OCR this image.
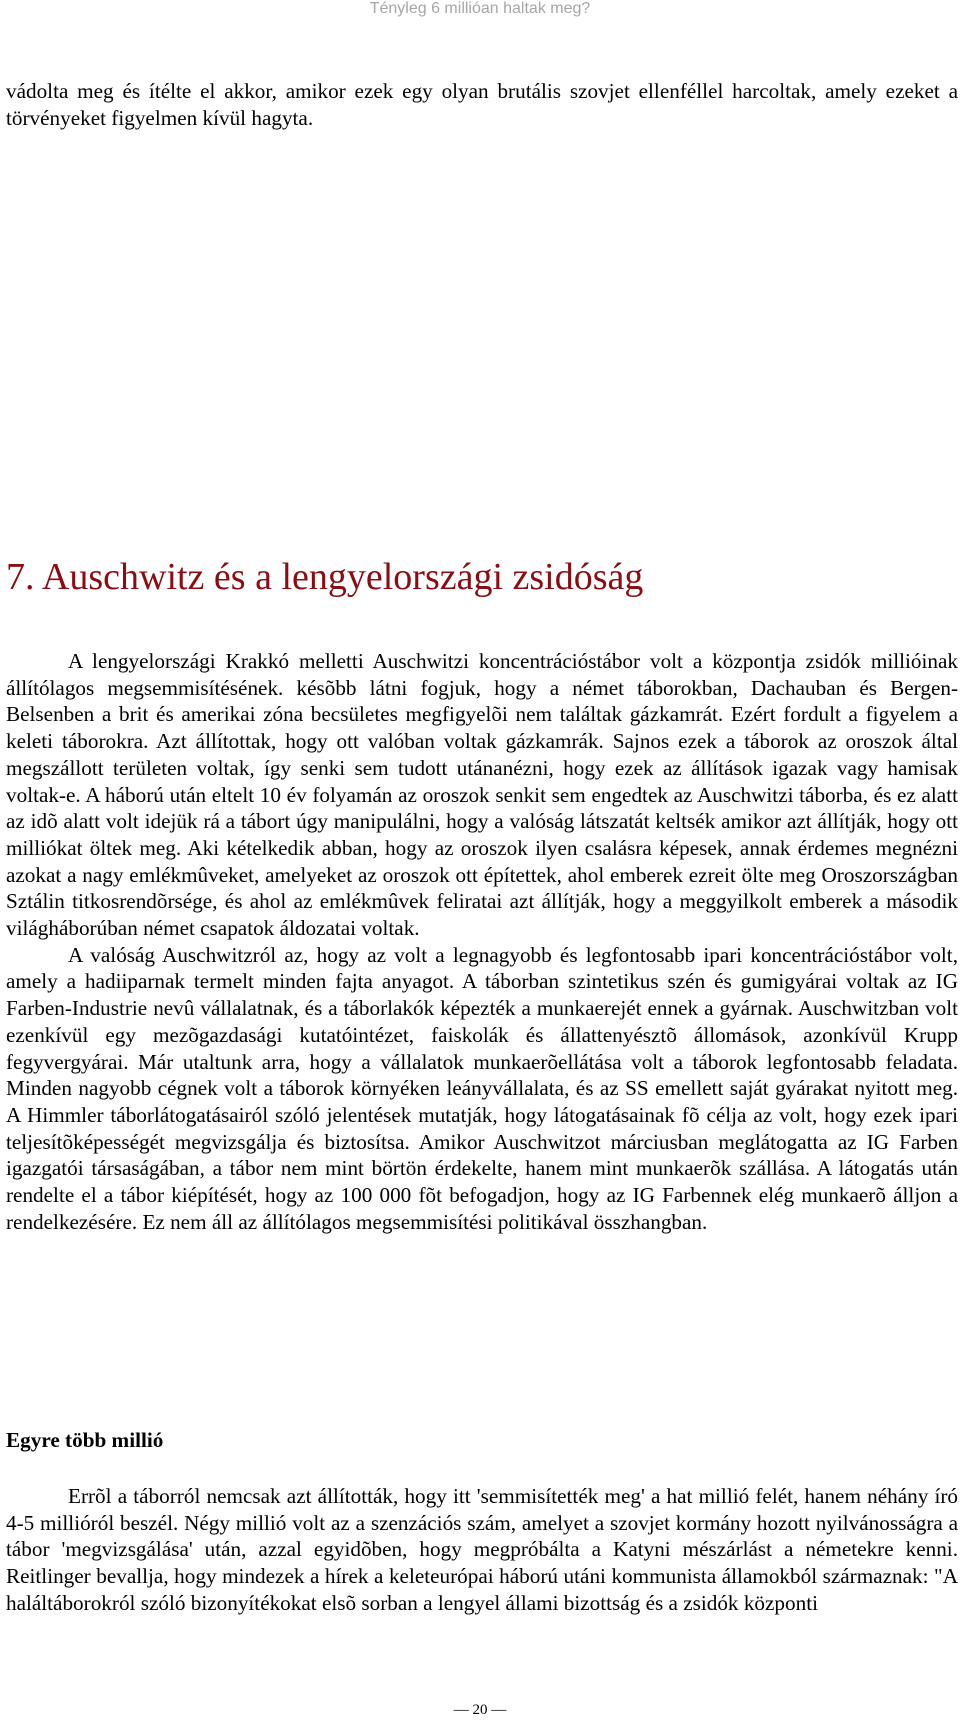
Tényleg 6 millióan haltak meg?

vádolta meg és ítélte el akkor, amikor ezek egy olyan brutális szovjet ellenféllel harcoltak, amely ezeket a törvényeket figyelmen kívül hagyta.

7. Auschwitz és a lengyelországi zsidóság

A lengyelországi Krakkó melletti Auschwitzi koncentrációstábor volt a központja zsidók millióinak állítólagos megsemmisítésének. késõbb látni fogjuk, hogy a német táborokban, Dachauban és Bergen-Belsenben a brit és amerikai zóna becsületes megfigyelõi nem találtak gázkamrát. Ezért fordult a figyelem a keleti táborokra. Azt állítottak, hogy ott valóban voltak gázkamrák. Sajnos ezek a táborok az oroszok által megszállott területen voltak, így senki sem tudott utánanézni, hogy ezek az állítások igazak vagy hamisak voltak-e. A háború után eltelt 10 év folyamán az oroszok senkit sem engedtek az Auschwitzi táborba, és ez alatt az idõ alatt volt idejük rá a tábort úgy manipulálni, hogy a valóság látszatát keltsék amikor azt állítják, hogy ott milliókat öltek meg. Aki kételkedik abban, hogy az oroszok ilyen csalásra képesek, annak érdemes megnézni azokat a nagy emlékmûveket, amelyeket az oroszok ott építettek, ahol emberek ezreit ölte meg Oroszországban Sztálin titkosrendõrsége, és ahol az emlékmûvek feliratai azt állítják, hogy a meggyilkolt emberek a második világháborúban német csapatok áldozatai voltak.

A valóság Auschwitzról az, hogy az volt a legnagyobb és legfontosabb ipari koncentrációstábor volt, amely a hadiiparnak termelt minden fajta anyagot. A táborban szintetikus szén és gumigyárai voltak az IG Farben-Industrie nevû vállalatnak, és a táborlakók képezték a munkaerejét ennek a gyárnak. Auschwitzban volt ezenkívül egy mezõgazdasági kutatóintézet, faiskolák és állattenyésztõ állomások, azonkívül Krupp fegyvergyárai. Már utaltunk arra, hogy a vállalatok munkaerõellátása volt a táborok legfontosabb feladata. Minden nagyobb cégnek volt a táborok környéken leányvállalata, és az SS emellett saját gyárakat nyitott meg. A Himmler táborlátogatásairól szóló jelentések mutatják, hogy látogatásainak fõ célja az volt, hogy ezek ipari teljesítõképességét megvizsgálja és biztosítsa. Amikor Auschwitzot márciusban meglátogatta az IG Farben igazgatói társaságában, a tábor nem mint börtön érdekelte, hanem mint munkaerõk szállása. A látogatás után rendelte el a tábor kiépítését, hogy az 100 000 fõt befogadjon, hogy az IG Farbennek elég munkaerõ álljon a rendelkezésére. Ez nem áll az állítólagos megsemmisítési politikával összhangban.

Egyre több millió

Errõl a táborról nemcsak azt állították, hogy itt 'semmisítették meg' a hat millió felét, hanem néhány író 4-5 millióról beszél. Négy millió volt az a szenzációs szám, amelyet a szovjet kormány hozott nyilvánosságra a tábor 'megvizsgálása' után, azzal egyidõben, hogy megpróbálta a Katyni mészárlást a németekre kenni. Reitlinger bevallja, hogy mindezek a hírek a keleteurópai háború utáni kommunista államokból származnak: "A haláltáborokról szóló bizonyítékokat elsõ sorban a lengyel állami bizottság és a zsidók központi

— 20 —
